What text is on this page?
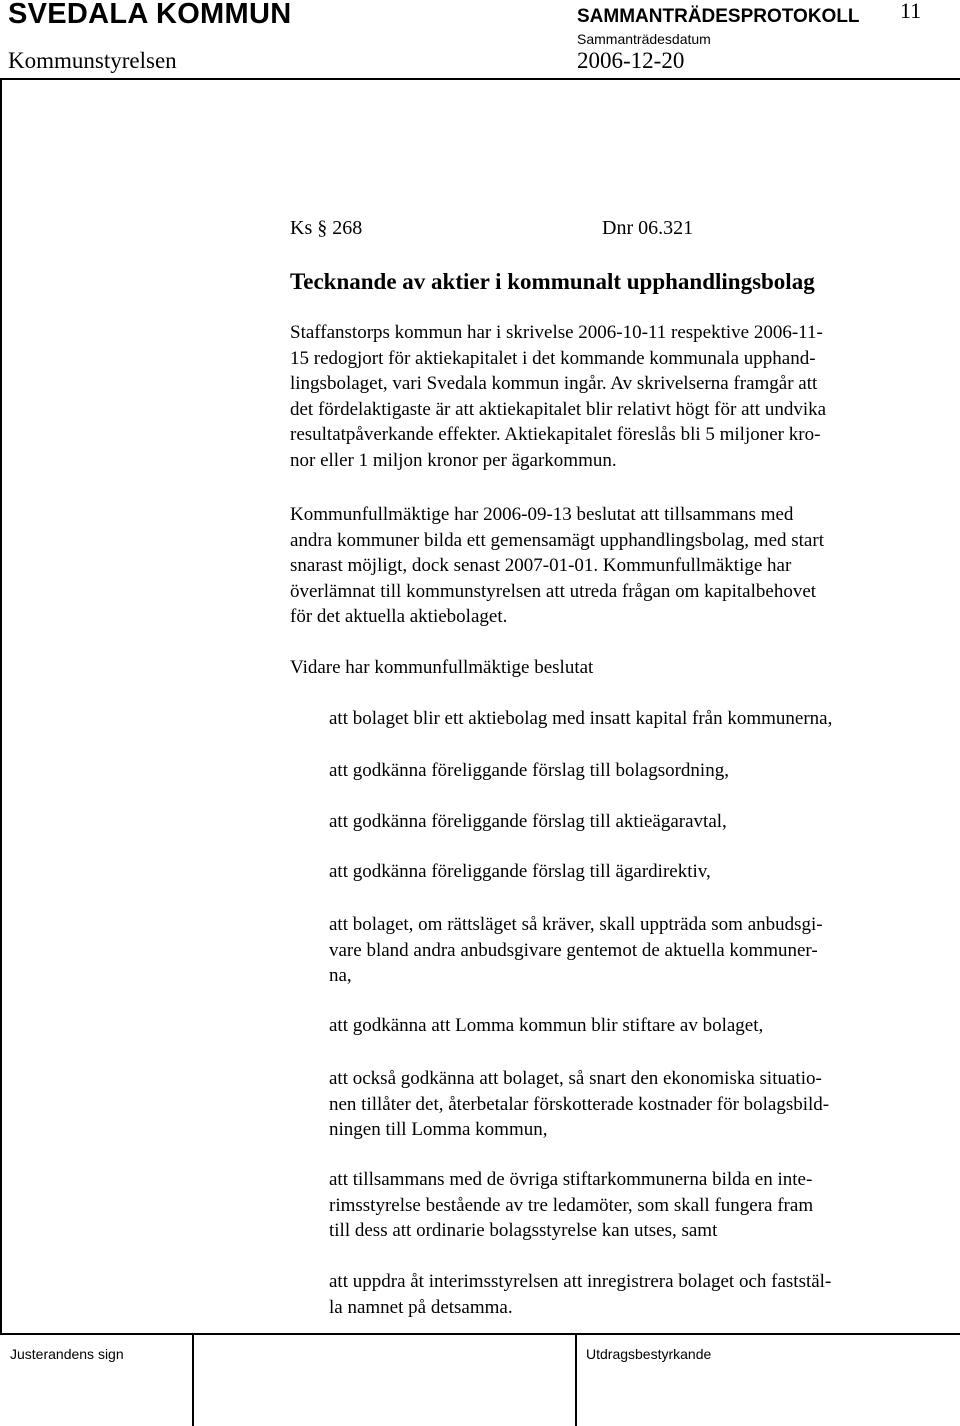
SVEDALA KOMMUN	SAMMANTRÄDESPROTOKOLL 11
Kommunstyrelsen
Sammanträdesdatum
2006-12-20
Ks § 268	Dnr 06.321
Tecknande av aktier i kommunalt upphandlingsbolag
Staffanstorps kommun har i skrivelse 2006-10-11 respektive 2006-11-
15 redogjort för aktiekapitalet i det kommande kommunala upphand-
lingsbolaget, vari Svedala kommun ingår. Av skrivelserna framgår att
det fördelaktigaste är att aktiekapitalet blir relativt högt för att undvika
resultatpåverkande effekter. Aktiekapitalet föreslås bli 5 miljoner kro-
nor eller 1 miljon kronor per ägarkommun.
Kommunfullmäktige har 2006-09-13 beslutat att tillsammans med
andra kommuner bilda ett gemensamägt upphandlingsbolag, med start
snarast möjligt, dock senast 2007-01-01. Kommunfullmäktige har
överlämnat till kommunstyrelsen att utreda frågan om kapitalbehovet
för det aktuella aktiebolaget.
Vidare har kommunfullmäktige beslutat
att bolaget blir ett aktiebolag med insatt kapital från kommunerna,
att godkänna föreliggande förslag till bolagsordning,
att godkänna föreliggande förslag till aktieägaravtal,
att godkänna föreliggande förslag till ägardirektiv,
att bolaget, om rättsläget så kräver, skall uppträda som anbudsgi-
vare bland andra anbudsgivare gentemot de aktuella kommuner-
na,
att godkänna att Lomma kommun blir stiftare av bolaget,
att också godkänna att bolaget, så snart den ekonomiska situatio-
nen tillåter det, återbetalar förskotterade kostnader för bolagsbild-
ningen till Lomma kommun,
att tillsammans med de övriga stiftarkommunerna bilda en inte-
rimsstyrelse bestående av tre ledamöter, som skall fungera fram
till dess att ordinarie bolagsstyrelse kan utses, samt
att uppdra åt interimsstyrelsen att inregistrera bolaget och faststäl-
la namnet på detsamma.
Justerandens sign	Utdragsbestyrkande
